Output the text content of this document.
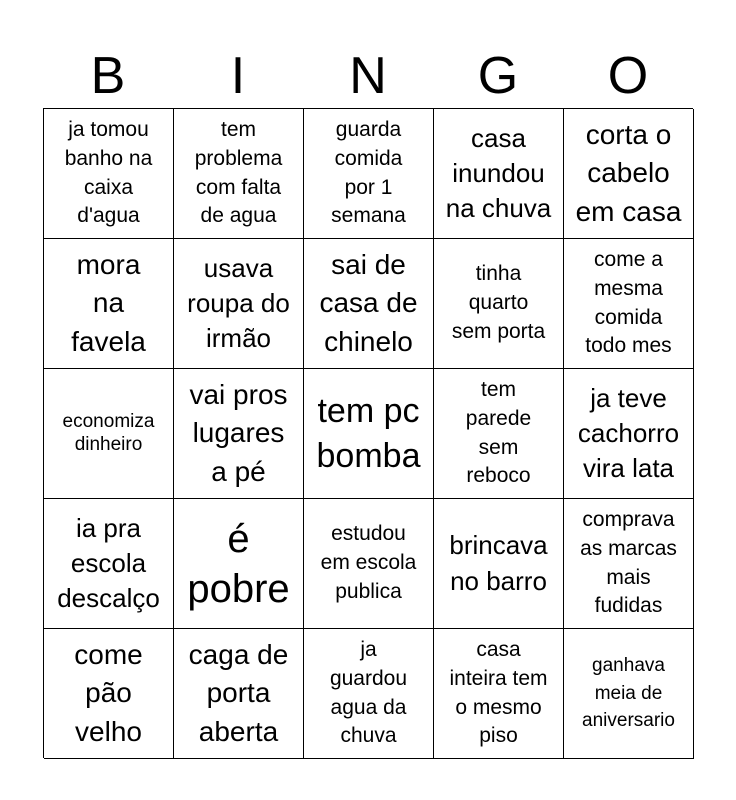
B	I	N	G	O
ja tomou
banho na
caixa
d'agua
tem
problema
com falta
de agua
guarda
comida
por 1
semana
casa
inundou
na chuva
corta o
cabelo
em casa
mora
na
favela
usava
roupa do
irmão
sai de
casa de
chinelo
tinha
quarto
sem porta
come a
mesma
comida
todo mes
economiza
dinheiro
vai pros
lugares
a pé
tem pc
bomba
tem
parede
sem
reboco
ja teve
cachorro
vira lata
ia pra
escola
descalço
é
pobre
estudou
em escola
publica
brincava
no barro
comprava
as marcas
mais
fudidas
come
pão
velho
caga de
porta
aberta
ja
guardou
agua da
chuva
casa
inteira tem
o mesmo
piso
ganhava
meia de
aniversario
